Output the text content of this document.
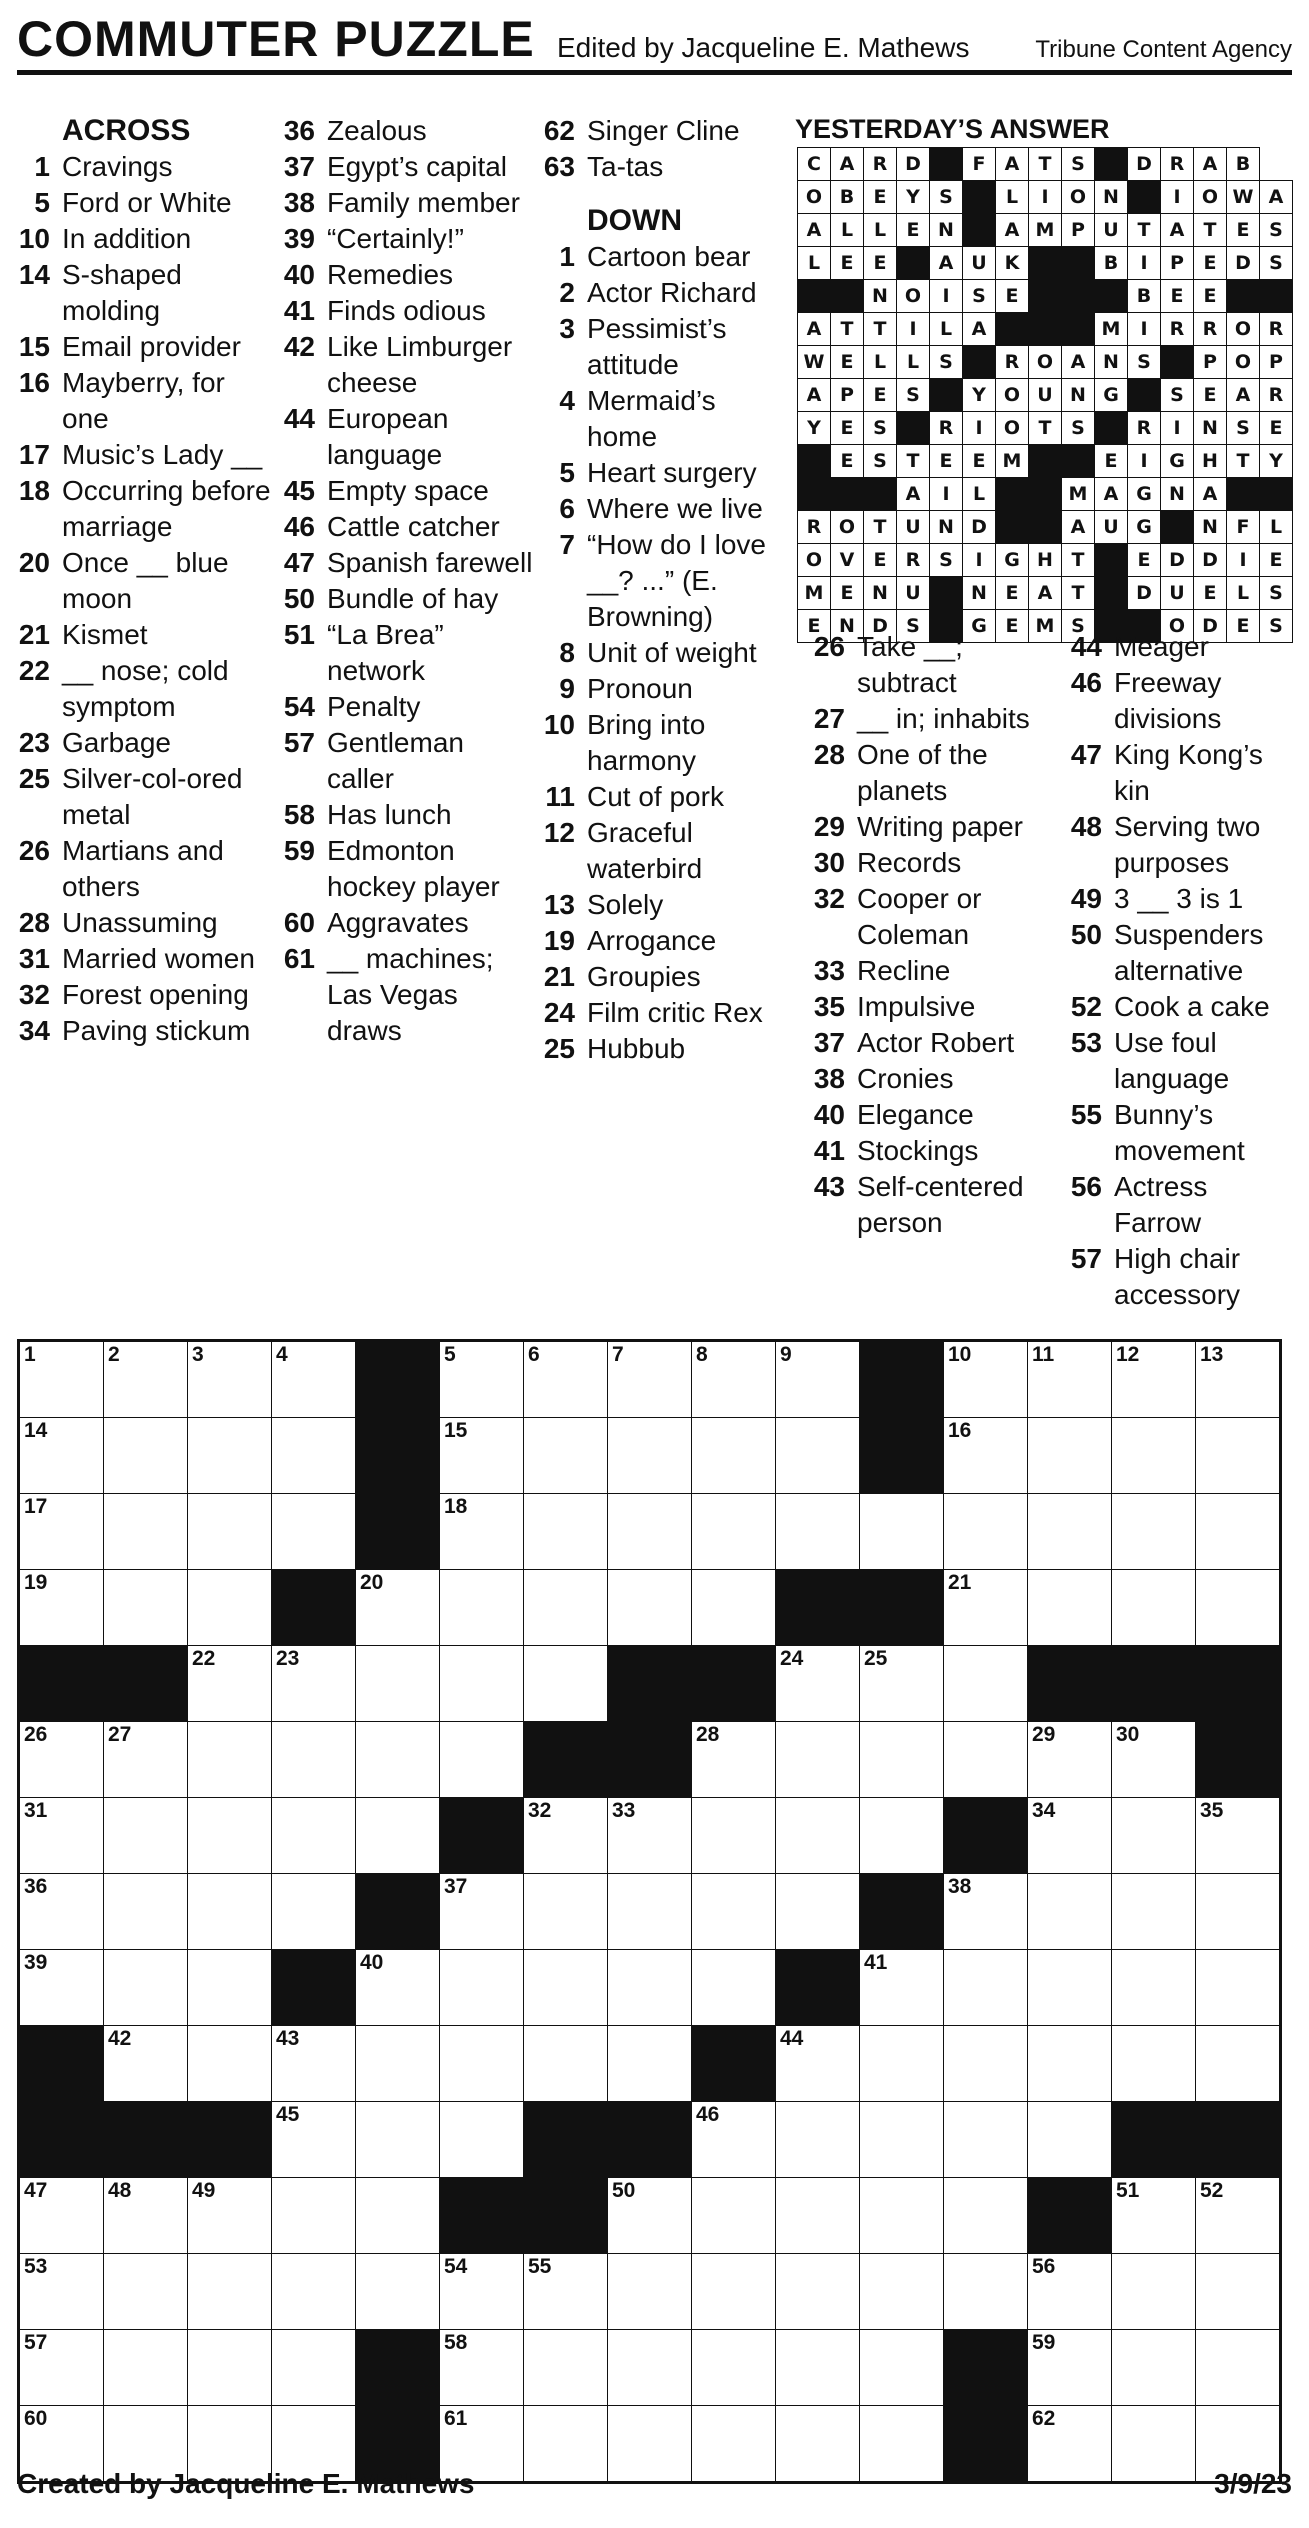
COMMUTER PUZZLE Edited by Jacqueline E. Mathews	Tribune Content Agency
ACROSS
1 Cravings
5 Ford or White
10 In addition
14 S-shaped molding
15 Email provider
16 Mayberry, for one
17 Music’s Lady __
18 Occurring before marriage
20 Once __ blue moon
21 Kismet
22 __ nose; cold symptom
23 Garbage
25 Silver-col-ored metal
26 Martians and others
28 Unassuming
31 Married women
32 Forest opening
34 Paving stickum
36 Zealous
37 Egypt’s capital
38 Family member
39 “Certainly!”
40 Remedies
41 Finds odious
42 Like Limburger cheese
44 European language
45 Empty space
46 Cattle catcher
47 Spanish farewell
50 Bundle of hay
51 “La Brea” network
54 Penalty
57 Gentleman caller
58 Has lunch
59 Edmonton hockey player
60 Aggravates
61 __ machines; Las Vegas draws
62 Singer Cline
63 Ta-tas
DOWN
1 Cartoon bear
2 Actor Richard
3 Pessimist’s attitude
4 Mermaid’s home
5 Heart surgery
6 Where we live
7 “How do I love __? ...” (E. Browning)
8 Unit of weight
9 Pronoun
10 Bring into harmony
11 Cut of pork
12 Graceful waterbird
13 Solely
19 Arrogance
21 Groupies
24 Film critic Rex
25 Hubbub
YESTERDAY’S ANSWER
C	A	R	D		F	A	T	S		D	R	A	B	
O	B	E	Y	S		L	I	O	N		I	O	W	A
A	L	L	E	N		A	M	P	U	T	A	T	E	S
L	E	E		A	U	K			B	I	P	E	D	S
		N	O	I	S	E				B	E	E		
A	T	T	I	L	A				M	I	R	R	O	R
W	E	L	L	S		R	O	A	N	S		P	O	P
A	P	E	S		Y	O	U	N	G		S	E	A	R
Y	E	S		R	I	O	T	S		R	I	N	S	E
	E	S	T	E	E	M			E	I	G	H	T	Y
			A	I	L			M	A	G	N	A		
R	O	T	U	N	D			A	U	G		N	F	L
O	V	E	R	S	I	G	H	T		E	D	D	I	E
M	E	N	U		N	E	A	T		D	U	E	L	S
E	N	D	S		G	E	M	S			O	D	E	S
26 Take __; subtract
27 __ in; inhabits
28 One of the planets
29 Writing paper
30 Records
32 Cooper or Coleman
33 Recline
35 Impulsive
37 Actor Robert
38 Cronies
40 Elegance
41 Stockings
43 Self-centered person
44 Meager
46 Freeway divisions
47 King Kong’s kin
48 Serving two purposes
49 3 __ 3 is 1
50 Suspenders alternative
52 Cook a cake
53 Use foul language
55 Bunny’s movement
56 Actress Farrow
57 High chair accessory
1	2	3	4		5	6	7	8	9		10	11	12	13

14					15						16			

17					18									

19				20							21			

		22	23						24	25				

26	27							28				29	30	

31						32	33					34		35

36					37						38			

39				40						41				

	42		43						44					

			45					46						

47	48	49					50						51	52

53					54	55						56		

57					58							59		

60					61							62		

Created by Jacqueline E. Mathews	3/9/23
